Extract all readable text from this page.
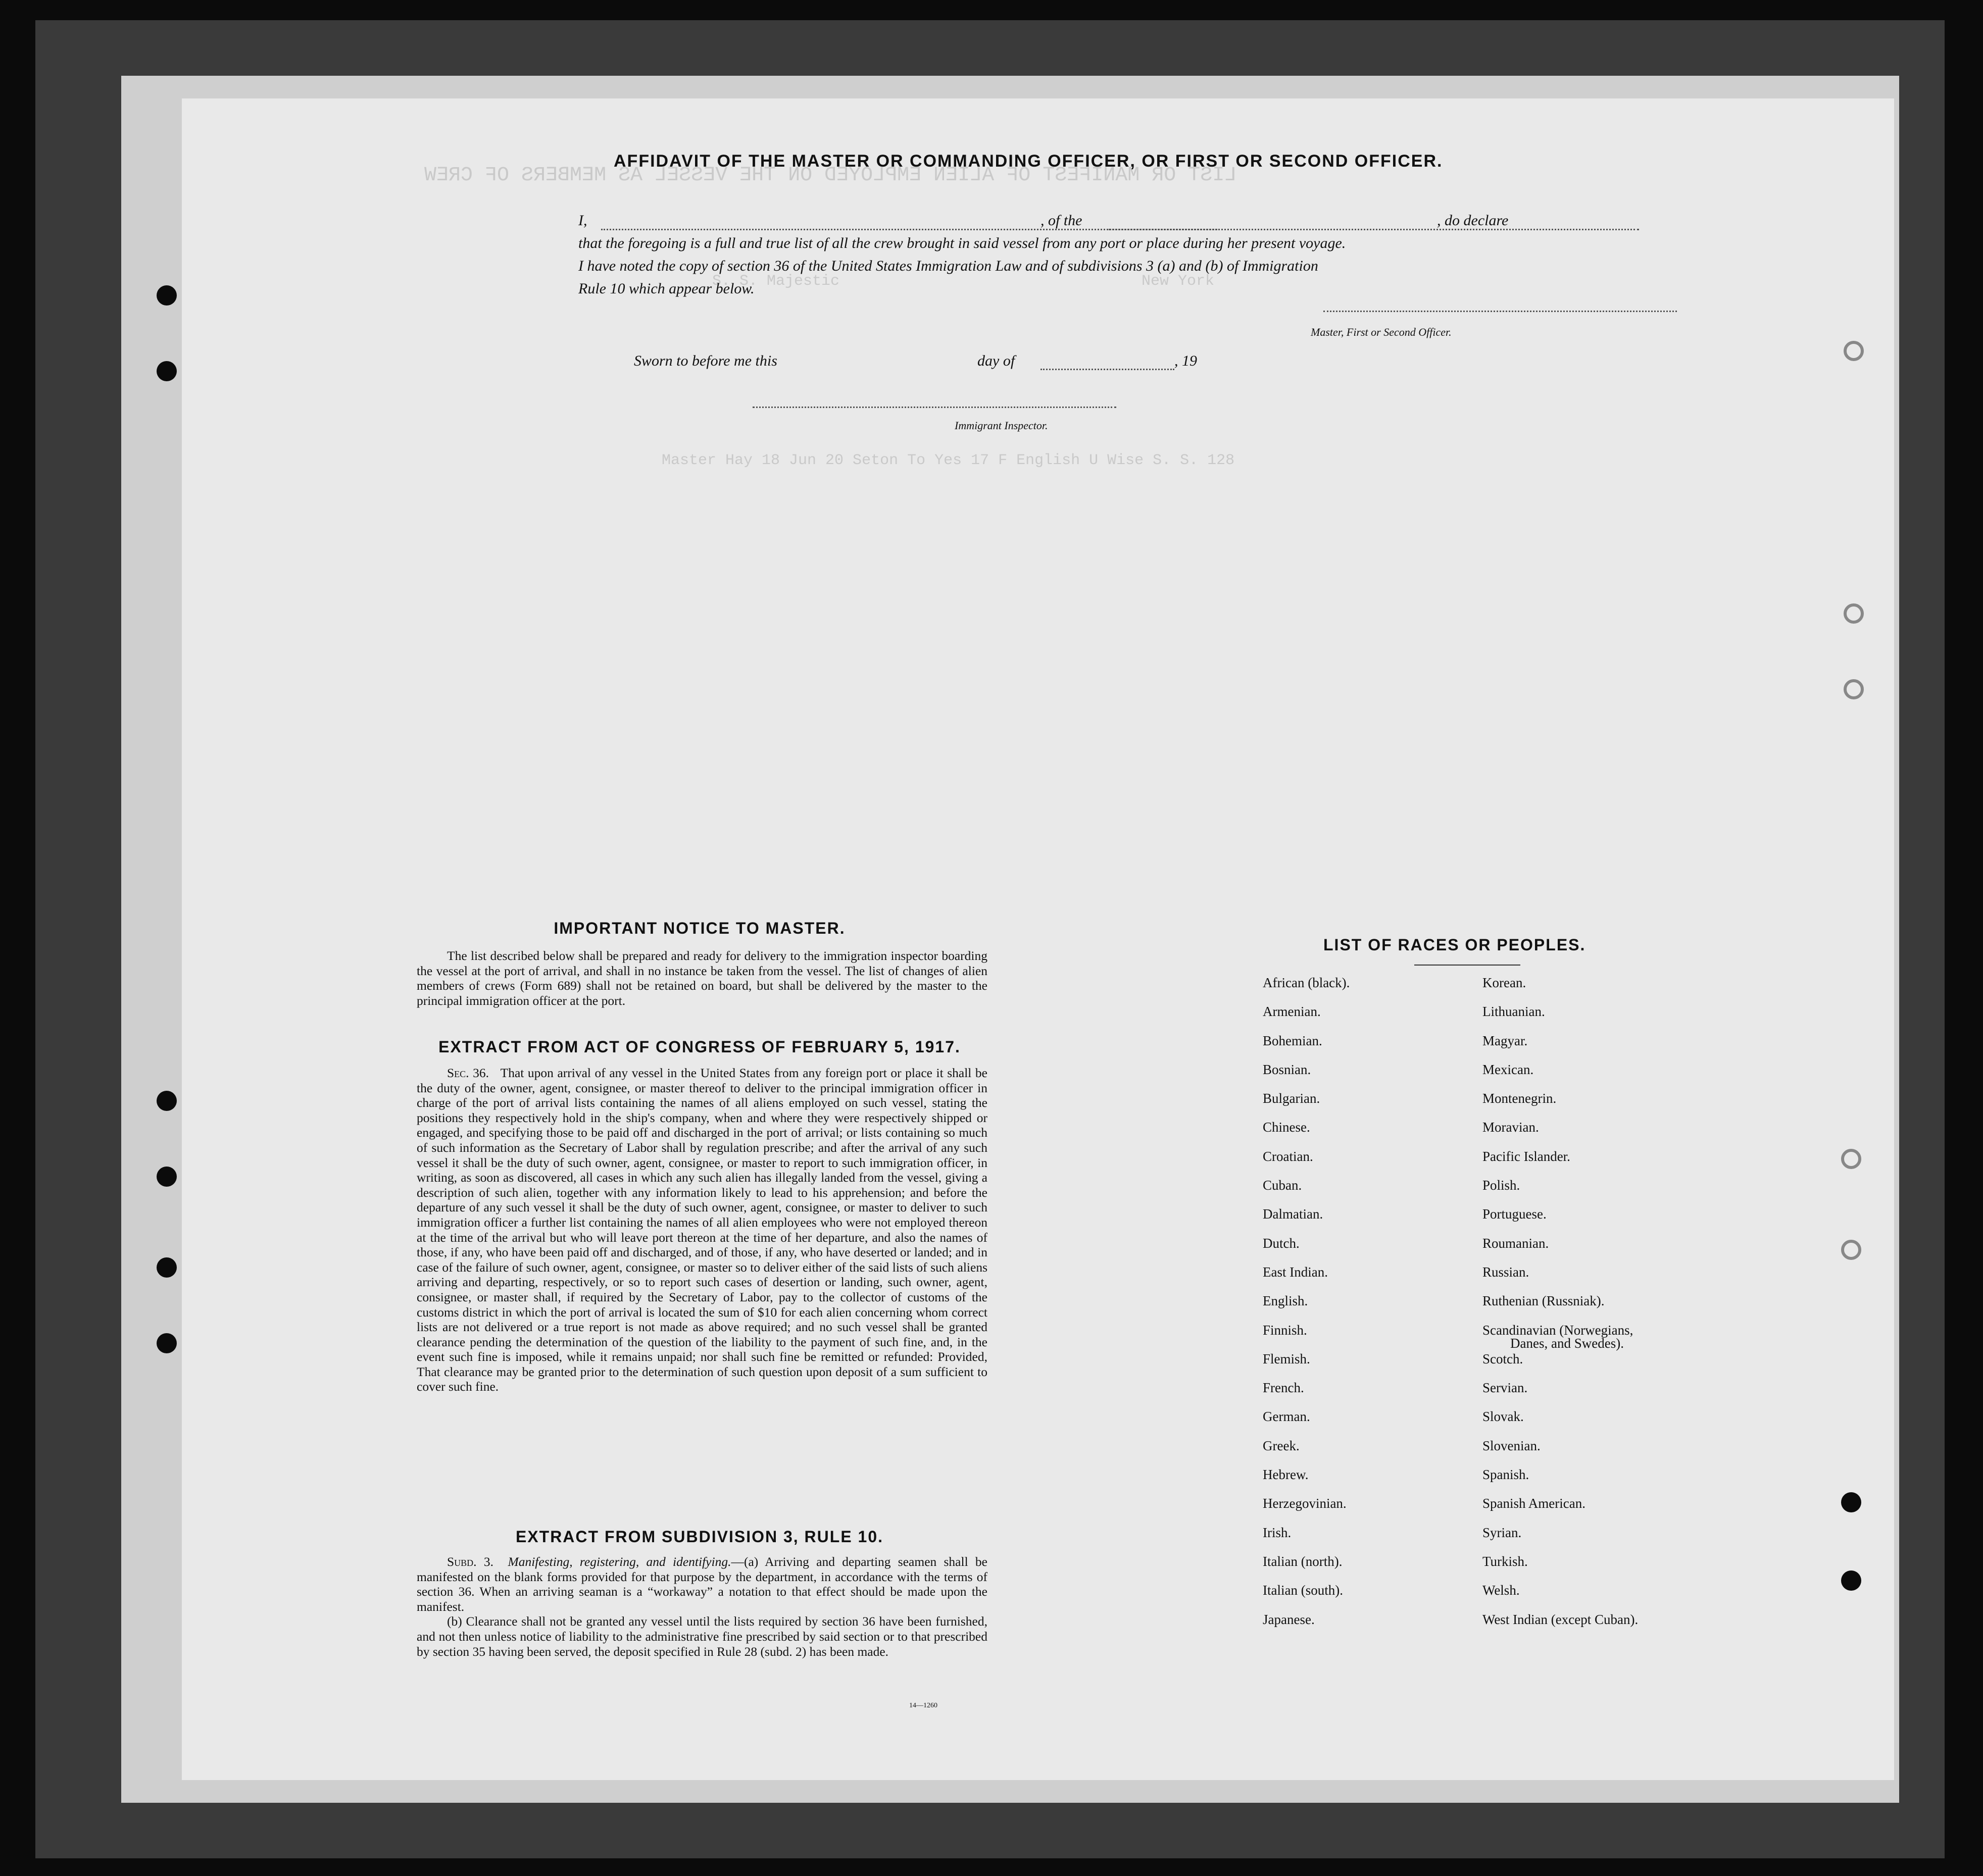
LIST OR MANIFEST OF ALIEN EMPLOYED ON THE VESSEL AS MEMBERS OF CREW
S. S. Majestic	New York
Master Hay 18 Jun 20 Seton To Yes 17 F English U Wise S. S. 128
AFFIDAVIT OF THE MASTER OR COMMANDING OFFICER, OR FIRST OR SECOND OFFICER.
I,	, of the	, do declare
that the foregoing is a full and true list of all the crew brought in said vessel from any port or place during her present voyage.
I have noted the copy of section 36 of the United States Immigration Law and of subdivisions 3 (a) and (b) of Immigration
Rule 10 which appear below.
Master, First or Second Officer.
Sworn to before me this	day of	, 19
Immigrant Inspector.
IMPORTANT NOTICE TO MASTER.

The list described below shall be prepared and ready for delivery to the immigration inspector boarding the vessel at the port of arrival, and shall in no instance be taken from the vessel. The list of changes of alien members of crews (Form 689) shall not be retained on board, but shall be delivered by the master to the principal immigration officer at the port.

EXTRACT FROM ACT OF CONGRESS OF FEBRUARY 5, 1917.

Sec. 36. That upon arrival of any vessel in the United States from any foreign port or place it shall be the duty of the owner, agent, consignee, or master thereof to deliver to the principal immigration officer in charge of the port of arrival lists containing the names of all aliens employed on such vessel, stating the positions they respectively hold in the ship's company, when and where they were respectively shipped or engaged, and specifying those to be paid off and discharged in the port of arrival; or lists containing so much of such information as the Secretary of Labor shall by regulation prescribe; and after the arrival of any such vessel it shall be the duty of such owner, agent, consignee, or master to report to such immigration officer, in writing, as soon as discovered, all cases in which any such alien has illegally landed from the vessel, giving a description of such alien, together with any information likely to lead to his apprehension; and before the departure of any such vessel it shall be the duty of such owner, agent, consignee, or master to deliver to such immigration officer a further list containing the names of all alien employees who were not employed thereon at the time of the arrival but who will leave port thereon at the time of her departure, and also the names of those, if any, who have been paid off and discharged, and of those, if any, who have deserted or landed; and in case of the failure of such owner, agent, consignee, or master so to deliver either of the said lists of such aliens arriving and departing, respectively, or so to report such cases of desertion or landing, such owner, agent, consignee, or master shall, if required by the Secretary of Labor, pay to the collector of customs of the customs district in which the port of arrival is located the sum of $10 for each alien concerning whom correct lists are not delivered or a true report is not made as above required; and no such vessel shall be granted clearance pending the determination of the question of the liability to the payment of such fine, and, in the event such fine is imposed, while it remains unpaid; nor shall such fine be remitted or refunded: Provided, That clearance may be granted prior to the determination of such question upon deposit of a sum sufficient to cover such fine.

EXTRACT FROM SUBDIVISION 3, RULE 10.

Subd. 3. Manifesting, registering, and identifying.—(a) Arriving and departing seamen shall be manifested on the blank forms provided for that purpose by the department, in accordance with the terms of section 36. When an arriving seaman is a “workaway” a notation to that effect should be made upon the manifest.

(b) Clearance shall not be granted any vessel until the lists required by section 36 have been furnished, and not then unless notice of liability to the administrative fine prescribed by said section or to that prescribed by section 35 having been served, the deposit specified in Rule 28 (subd. 2) has been made.

14—1260
LIST OF RACES OR PEOPLES.
African (black).
Armenian.
Bohemian.
Bosnian.
Bulgarian.
Chinese.
Croatian.
Cuban.
Dalmatian.
Dutch.
East Indian.
English.
Finnish.
Flemish.
French.
German.
Greek.
Hebrew.
Herzegovinian.
Irish.
Italian (north).
Italian (south).
Japanese.
Korean.
Lithuanian.
Magyar.
Mexican.
Montenegrin.
Moravian.
Pacific Islander.
Polish.
Portuguese.
Roumanian.
Russian.
Ruthenian (Russniak).
Scandinavian (Norwegians,
Danes, and Swedes).
Scotch.
Servian.
Slovak.
Slovenian.
Spanish.
Spanish American.
Syrian.
Turkish.
Welsh.
West Indian (except Cuban).
